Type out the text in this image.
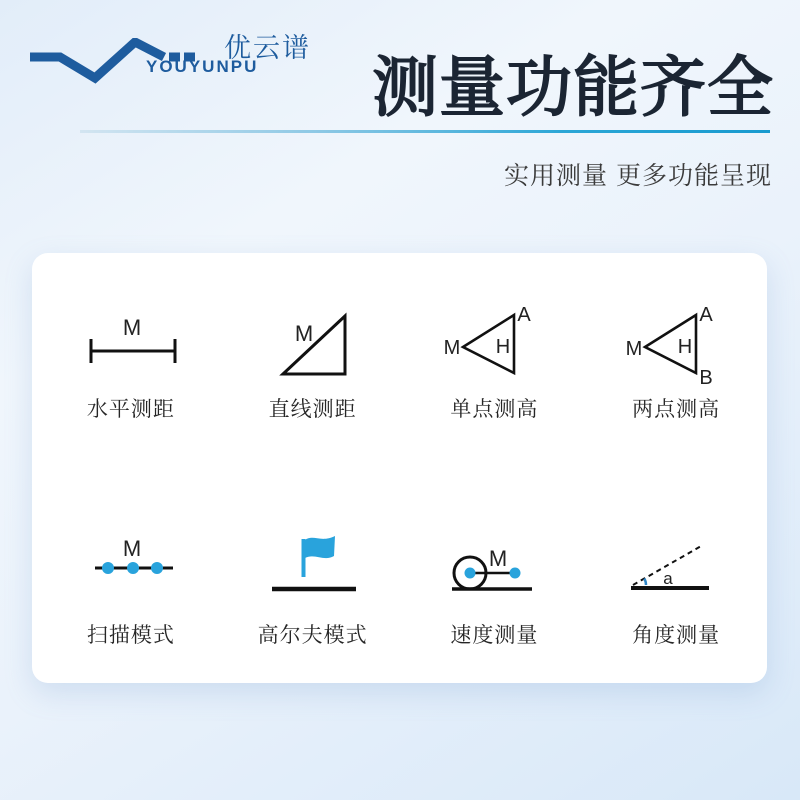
优云谱
YOUYUNPU 测量功能齐全
实用测量 更多功能呈现
M
水平测距
M
直线测距
A
H
M
单点测高
A
H
M
B
两点测高
M
扫描模式	高尔夫模式
M
速度测量
a
角度测量
